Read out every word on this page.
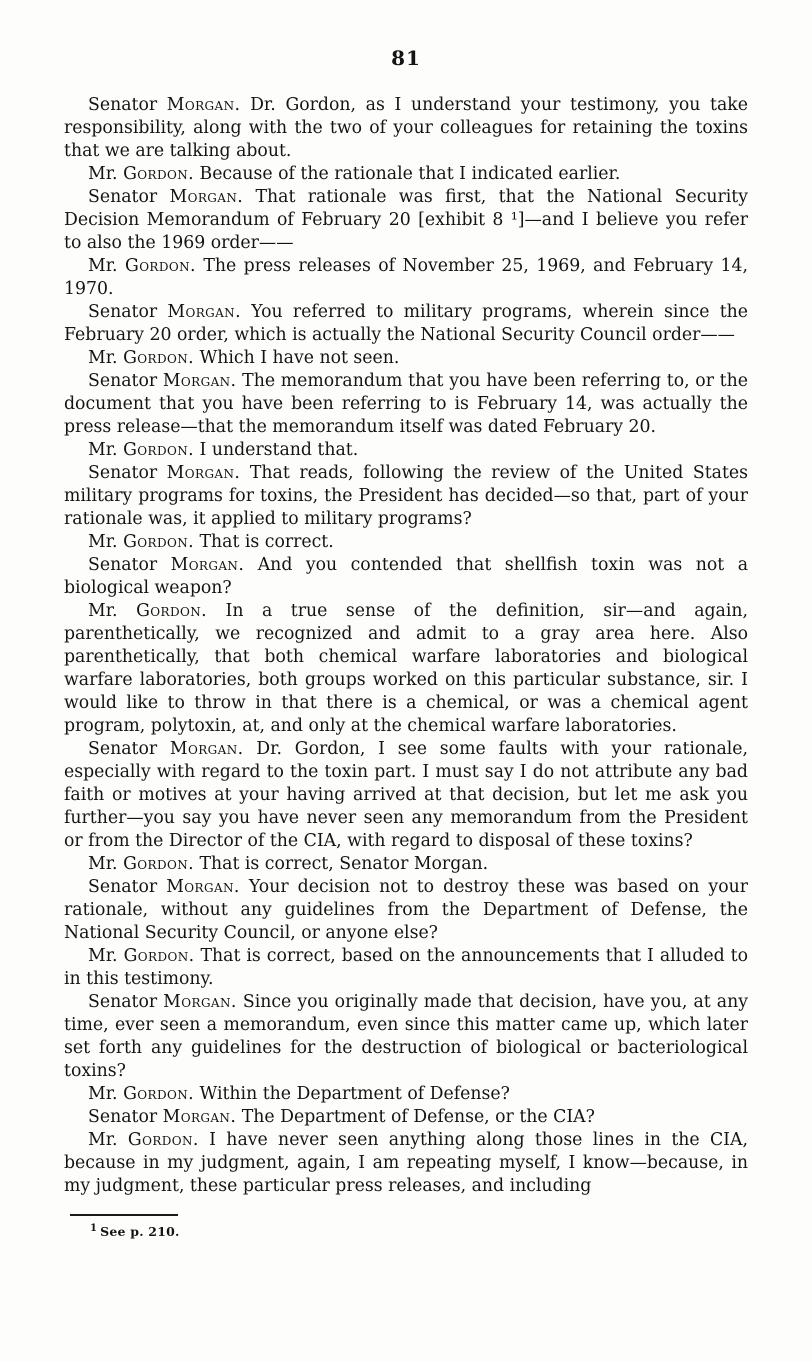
81

Senator Morgan. Dr. Gordon, as I understand your testimony, you take responsibility, along with the two of your colleagues for retaining the toxins that we are talking about.

Mr. Gordon. Because of the rationale that I indicated earlier.

Senator Morgan. That rationale was first, that the National Security Decision Memorandum of February 20 [exhibit 8 ¹]—and I believe you refer to also the 1969 order——

Mr. Gordon. The press releases of November 25, 1969, and February 14, 1970.

Senator Morgan. You referred to military programs, wherein since the February 20 order, which is actually the National Security Council order——

Mr. Gordon. Which I have not seen.

Senator Morgan. The memorandum that you have been referring to, or the document that you have been referring to is February 14, was actually the press release—that the memorandum itself was dated February 20.

Mr. Gordon. I understand that.

Senator Morgan. That reads, following the review of the United States military programs for toxins, the President has decided—so that, part of your rationale was, it applied to military programs?

Mr. Gordon. That is correct.

Senator Morgan. And you contended that shellfish toxin was not a biological weapon?

Mr. Gordon. In a true sense of the definition, sir—and again, parenthetically, we recognized and admit to a gray area here. Also parenthetically, that both chemical warfare laboratories and biological warfare laboratories, both groups worked on this particular substance, sir. I would like to throw in that there is a chemical, or was a chemical agent program, polytoxin, at, and only at the chemical warfare laboratories.

Senator Morgan. Dr. Gordon, I see some faults with your rationale, especially with regard to the toxin part. I must say I do not attribute any bad faith or motives at your having arrived at that decision, but let me ask you further—you say you have never seen any memorandum from the President or from the Director of the CIA, with regard to disposal of these toxins?

Mr. Gordon. That is correct, Senator Morgan.

Senator Morgan. Your decision not to destroy these was based on your rationale, without any guidelines from the Department of Defense, the National Security Council, or anyone else?

Mr. Gordon. That is correct, based on the announcements that I alluded to in this testimony.

Senator Morgan. Since you originally made that decision, have you, at any time, ever seen a memorandum, even since this matter came up, which later set forth any guidelines for the destruction of biological or bacteriological toxins?

Mr. Gordon. Within the Department of Defense?

Senator Morgan. The Department of Defense, or the CIA?

Mr. Gordon. I have never seen anything along those lines in the CIA, because in my judgment, again, I am repeating myself, I know—because, in my judgment, these particular press releases, and including

$^1$ See p. 210.
